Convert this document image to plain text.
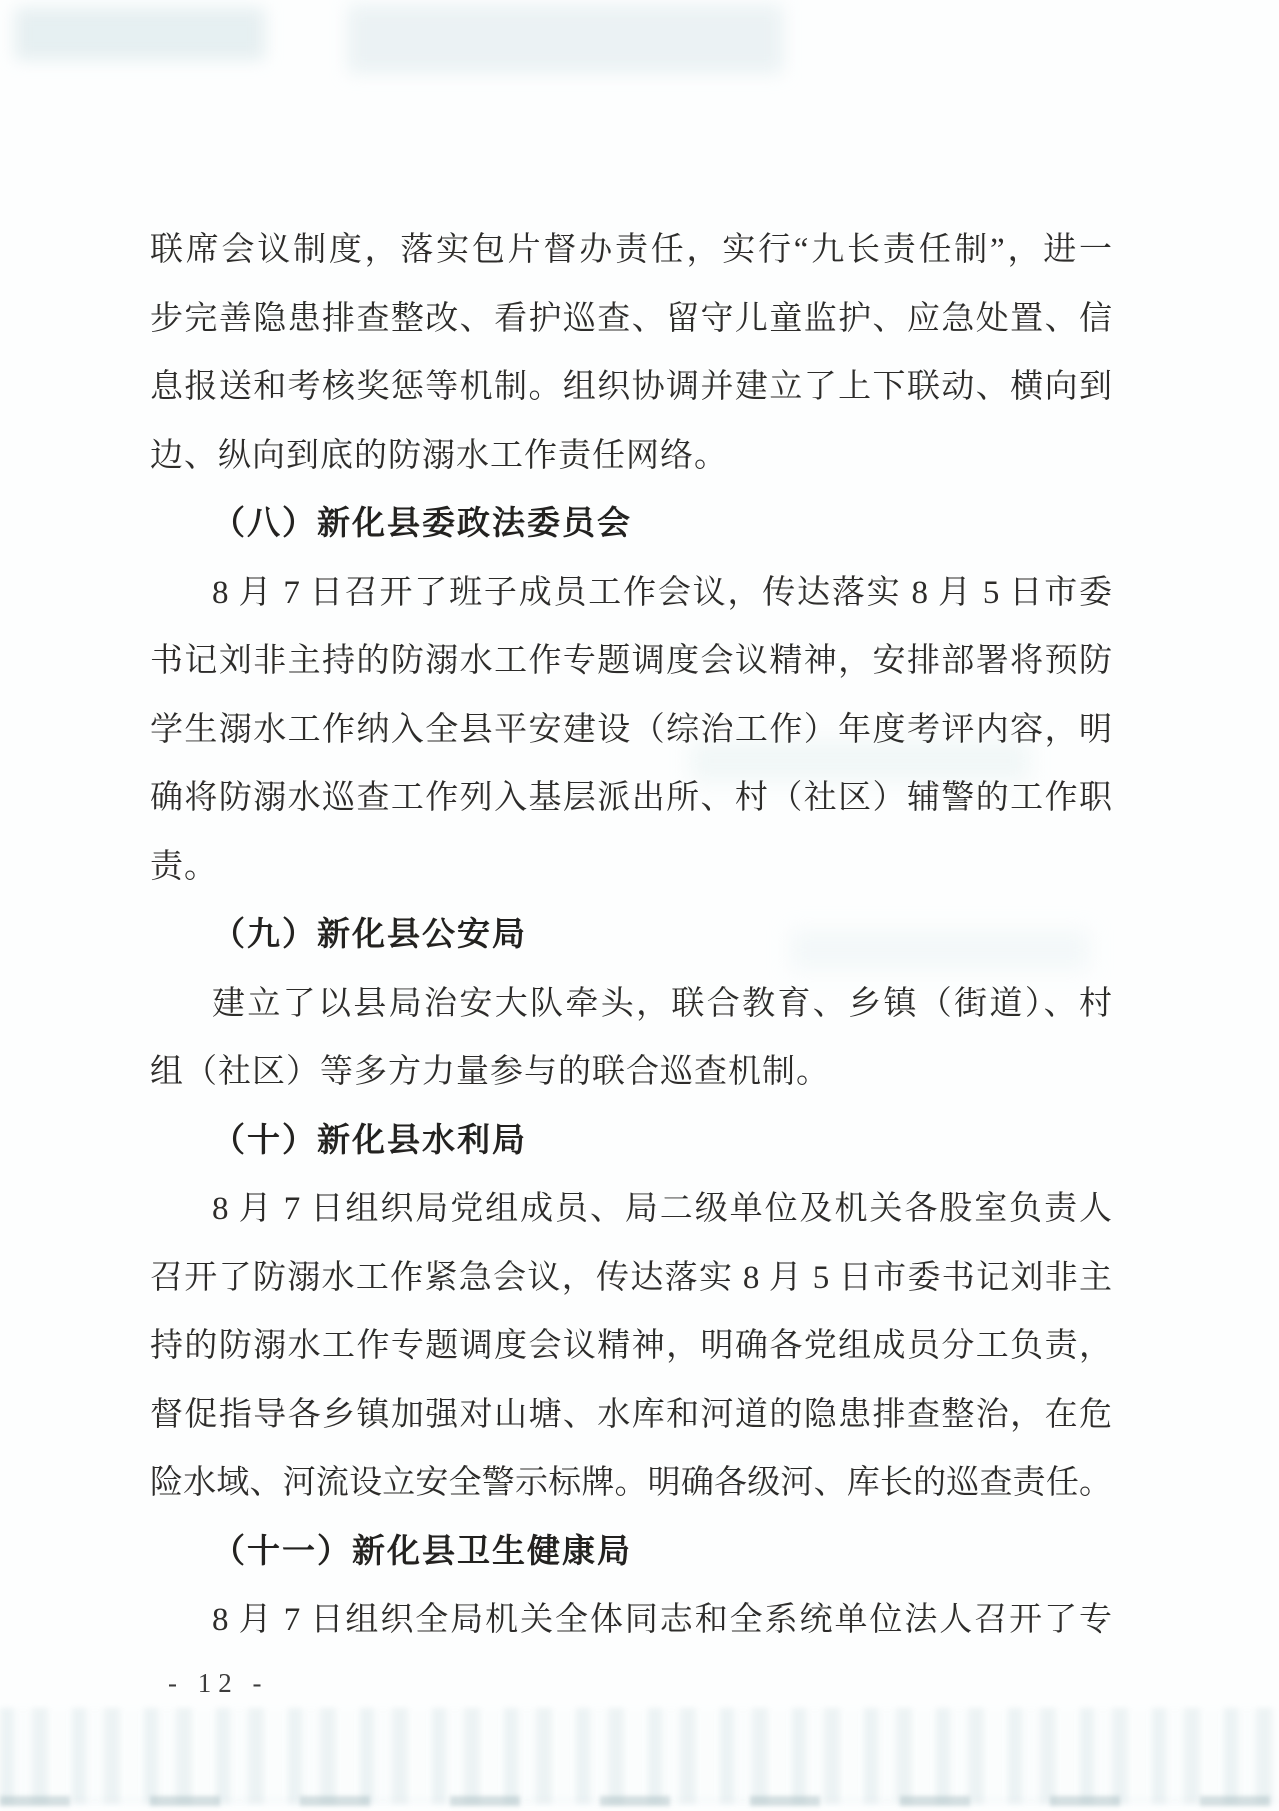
联席会议制度，落实包片督办责任，实行“九长责任制”，进一
步完善隐患排查整改、看护巡查、留守儿童监护、应急处置、信
息报送和考核奖惩等机制。组织协调并建立了上下联动、横向到
边、纵向到底的防溺水工作责任网络。
（八）新化县委政法委员会
8 月 7 日召开了班子成员工作会议，传达落实 8 月 5 日市委
书记刘非主持的防溺水工作专题调度会议精神，安排部署将预防
学生溺水工作纳入全县平安建设（综治工作）年度考评内容，明
确将防溺水巡查工作列入基层派出所、村（社区）辅警的工作职
责。
（九）新化县公安局
建立了以县局治安大队牵头，联合教育、乡镇（街道）、村
组（社区）等多方力量参与的联合巡查机制。
（十）新化县水利局
8 月 7 日组织局党组成员、局二级单位及机关各股室负责人
召开了防溺水工作紧急会议，传达落实 8 月 5 日市委书记刘非主
持的防溺水工作专题调度会议精神，明确各党组成员分工负责，
督促指导各乡镇加强对山塘、水库和河道的隐患排查整治，在危
险水域、河流设立安全警示标牌。明确各级河、库长的巡查责任。
（十一）新化县卫生健康局
8 月 7 日组织全局机关全体同志和全系统单位法人召开了专
- 12 -
